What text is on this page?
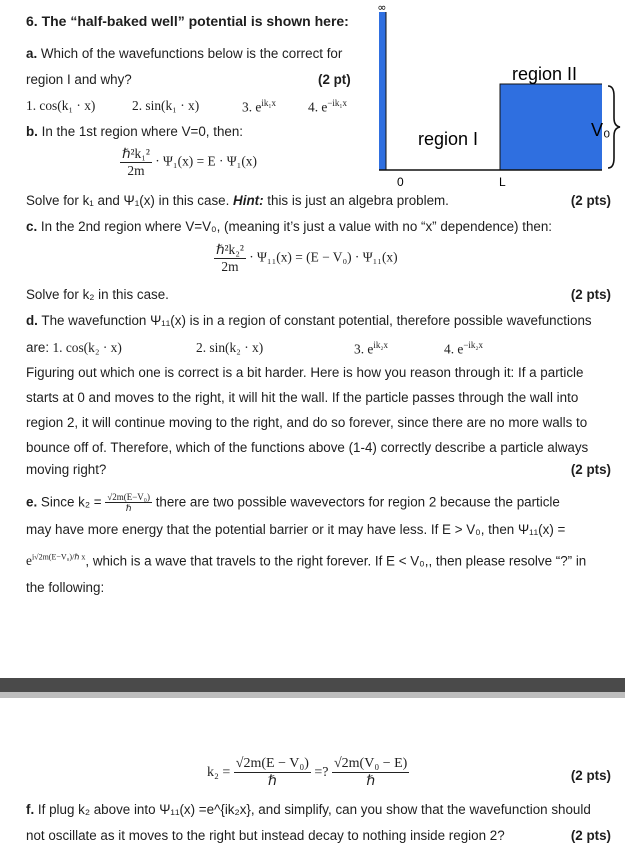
6. The “half-baked well” potential is shown here:
a. Which of the wavefunctions below is the correct for
region I and why?	(2 pt)
1. cos(k₁ · x)	2. sin(k₁ · x)	3. $e^{ik_1x}$ 4. $e^{-ik_1x}$
b. In the 1st region where V=0, then:
$\frac{\text{ℏ²k₁²}}{2m} \cdot \Psi_1(x) = E \cdot \Psi_1(x)$
Solve for k₁ and Ψ₁(x) in this case. Hint: this is just an algebra problem.	(2 pts)
c. In the 2nd region where V=V₀, (meaning it’s just a value with no “x” dependence) then:
$\frac{\text{ℏ²k₂²}}{2m} \cdot \Psi_{11}(x) = (E - V_0) \cdot \Psi_{11}(x)$
Solve for k₂ in this case.	(2 pts)
d. The wavefunction Ψ₁₁(x) is in a region of constant potential, therefore possible wavefunctions
are: 1. cos(k₂ · x)	2. sin(k₂ · x)	3. $e^{ik_2x}$	4. $e^{-ik_2x}$
Figuring out which one is correct is a bit harder. Here is how you reason through it: If a particle
starts at 0 and moves to the right, it will hit the wall. If the particle passes through the wall into
region 2, it will continue moving to the right, and do so forever, since there are no more walls to
bounce off of. Therefore, which of the functions above (1-4) correctly describe a particle always
moving right?	(2 pts)
e. Since $k_2 = \frac{\text{√2m(E−V₀)}}{\text{ℏ}}$ there are two possible wavevectors for region 2 because the particle
may have more energy that the potential barrier or it may have less. If E > V₀, then Ψ₁₁(x) =
$e^{i√2m(E-V_0)/\hbar x}$, which is a wave that travels to the right forever. If E < V₀,, then please resolve “?” in
the following:
$k_2 = \frac{\text{√2m(E − V₀)}}{\text{ℏ}}$ =? $\frac{\text{√2m(V₀ − E)}}{\text{ℏ}}$	(2 pts)
f. If plug k₂ above into Ψ₁₁(x) =e^{ik₂x}, and simplify, can you show that the wavefunction should
not oscillate as it moves to the right but instead decay to nothing inside region 2?	(2 pts)
∞
region I
region II
V₀
0	L
